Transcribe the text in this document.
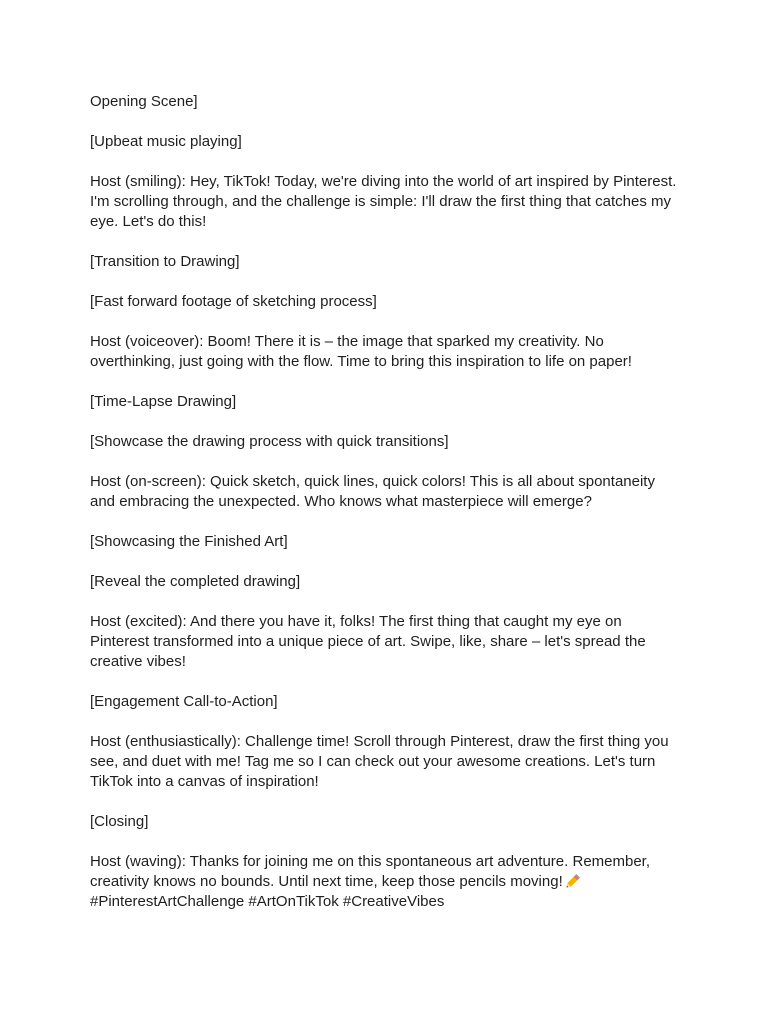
Opening Scene]

[Upbeat music playing]

Host (smiling): Hey, TikTok! Today, we're diving into the world of art inspired by Pinterest. I'm scrolling through, and the challenge is simple: I'll draw the first thing that catches my eye. Let's do this!

[Transition to Drawing]

[Fast forward footage of sketching process]

Host (voiceover): Boom! There it is – the image that sparked my creativity. No overthinking, just going with the flow. Time to bring this inspiration to life on paper!

[Time-Lapse Drawing]

[Showcase the drawing process with quick transitions]

Host (on-screen): Quick sketch, quick lines, quick colors! This is all about spontaneity and embracing the unexpected. Who knows what masterpiece will emerge?

[Showcasing the Finished Art]

[Reveal the completed drawing]

Host (excited): And there you have it, folks! The first thing that caught my eye on Pinterest transformed into a unique piece of art. Swipe, like, share – let's spread the creative vibes!

[Engagement Call-to-Action]

Host (enthusiastically): Challenge time! Scroll through Pinterest, draw the first thing you see, and duet with me! Tag me so I can check out your awesome creations. Let's turn TikTok into a canvas of inspiration!

[Closing]

Host (waving): Thanks for joining me on this spontaneous art adventure. Remember, creativity knows no bounds. Until next time, keep those pencils moving!
#PinterestArtChallenge #ArtOnTikTok #CreativeVibes
